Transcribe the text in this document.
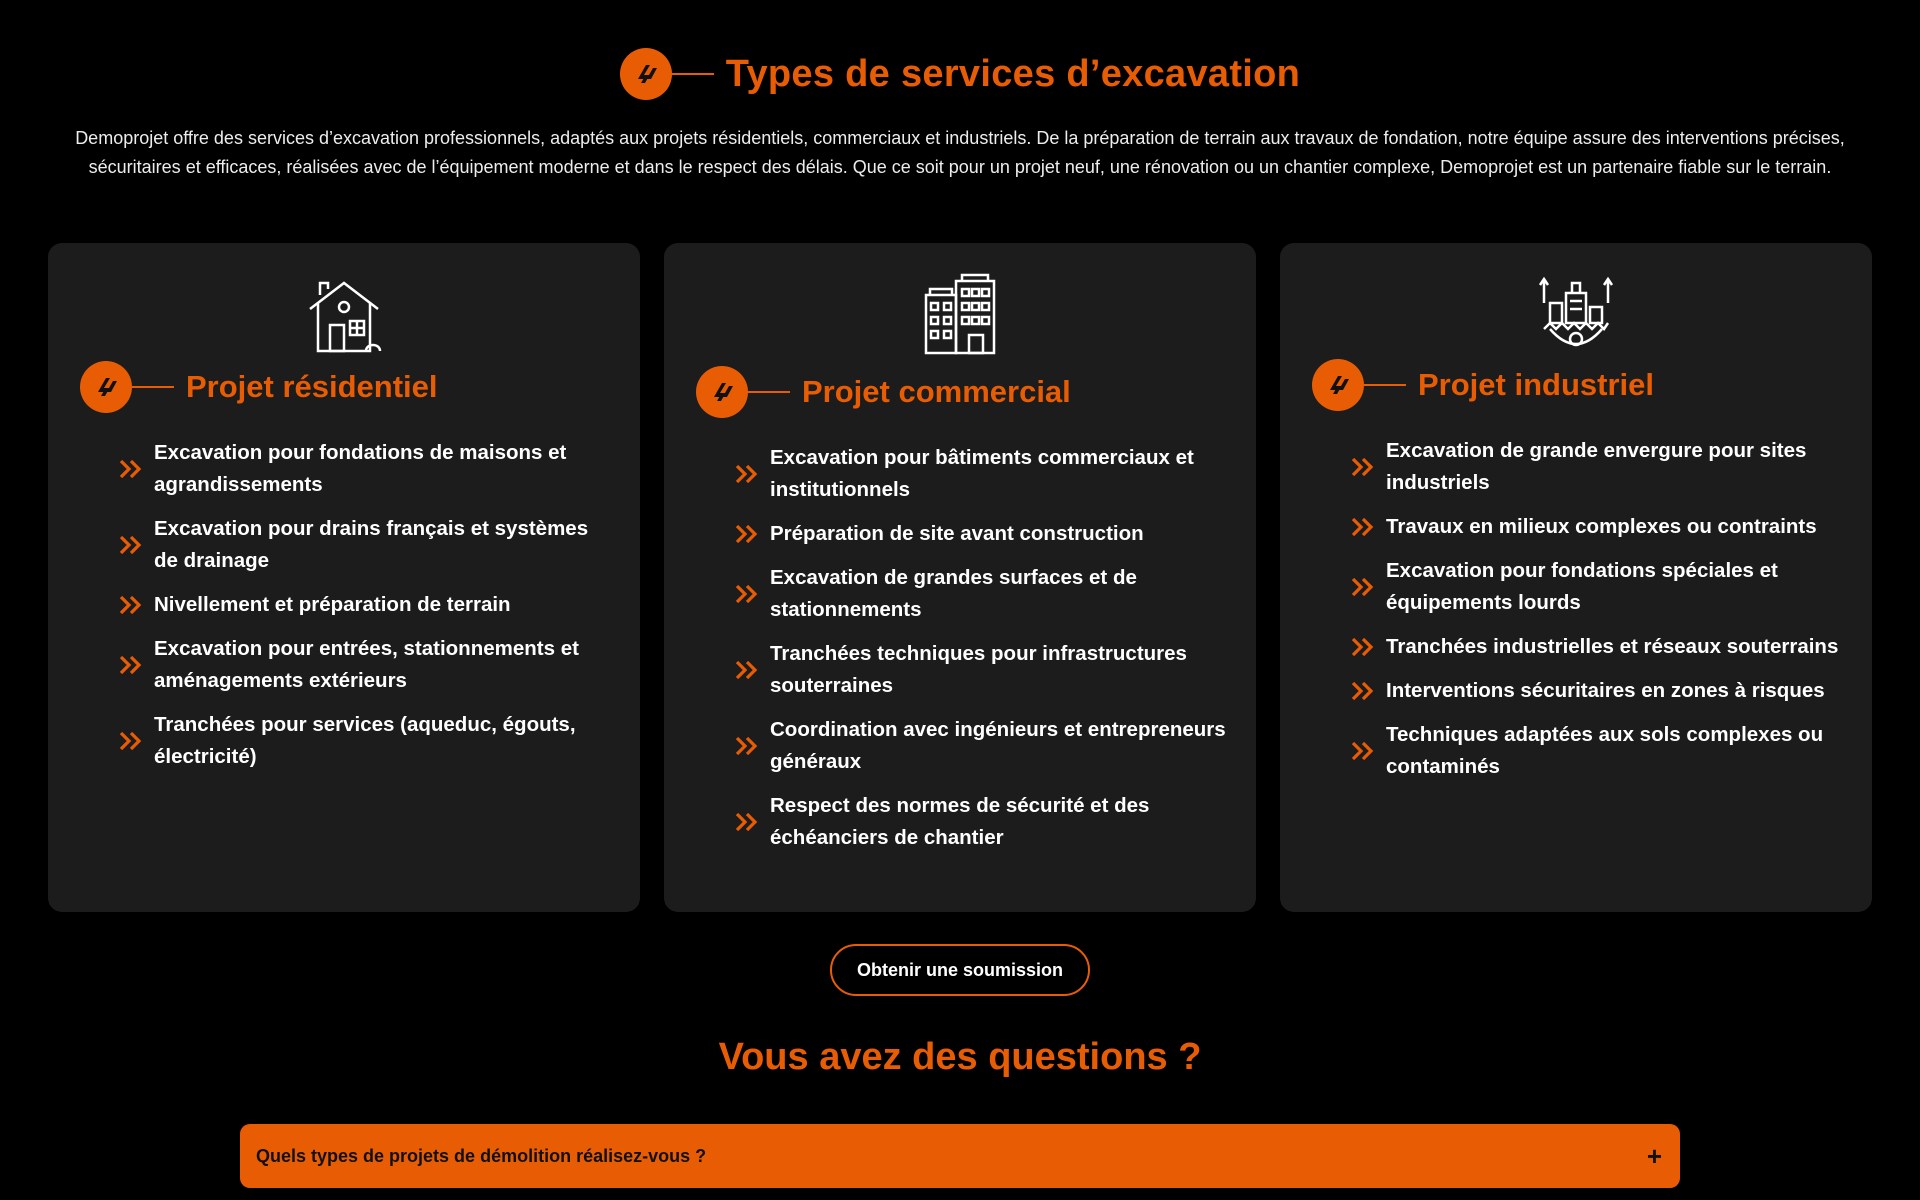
Types de services d’excavation

Demoprojet offre des services d’excavation professionnels, adaptés aux projets résidentiels, commerciaux et industriels. De la préparation de terrain aux travaux de fondation, notre équipe assure des interventions précises, sécuritaires et efficaces, réalisées avec de l’équipement moderne et dans le respect des délais. Que ce soit pour un projet neuf, une rénovation ou un chantier complexe, Demoprojet est un partenaire fiable sur le terrain.

Projet résidentiel
Excavation pour fondations de maisons et agrandissements
Excavation pour drains français et systèmes de drainage
Nivellement et préparation de terrain
Excavation pour entrées, stationnements et aménagements extérieurs
Tranchées pour services (aqueduc, égouts, électricité)
Projet commercial
Excavation pour bâtiments commerciaux et institutionnels
Préparation de site avant construction
Excavation de grandes surfaces et de stationnements
Tranchées techniques pour infrastructures souterraines
Coordination avec ingénieurs et entrepreneurs généraux
Respect des normes de sécurité et des échéanciers de chantier
Projet industriel
Excavation de grande envergure pour sites industriels
Travaux en milieux complexes ou contraints
Excavation pour fondations spéciales et équipements lourds
Tranchées industrielles et réseaux souterrains
Interventions sécuritaires en zones à risques
Techniques adaptées aux sols complexes ou contaminés
Obtenir une soumission
Vous avez des questions ?
Quels types de projets de démolition réalisez-vous ?	+
